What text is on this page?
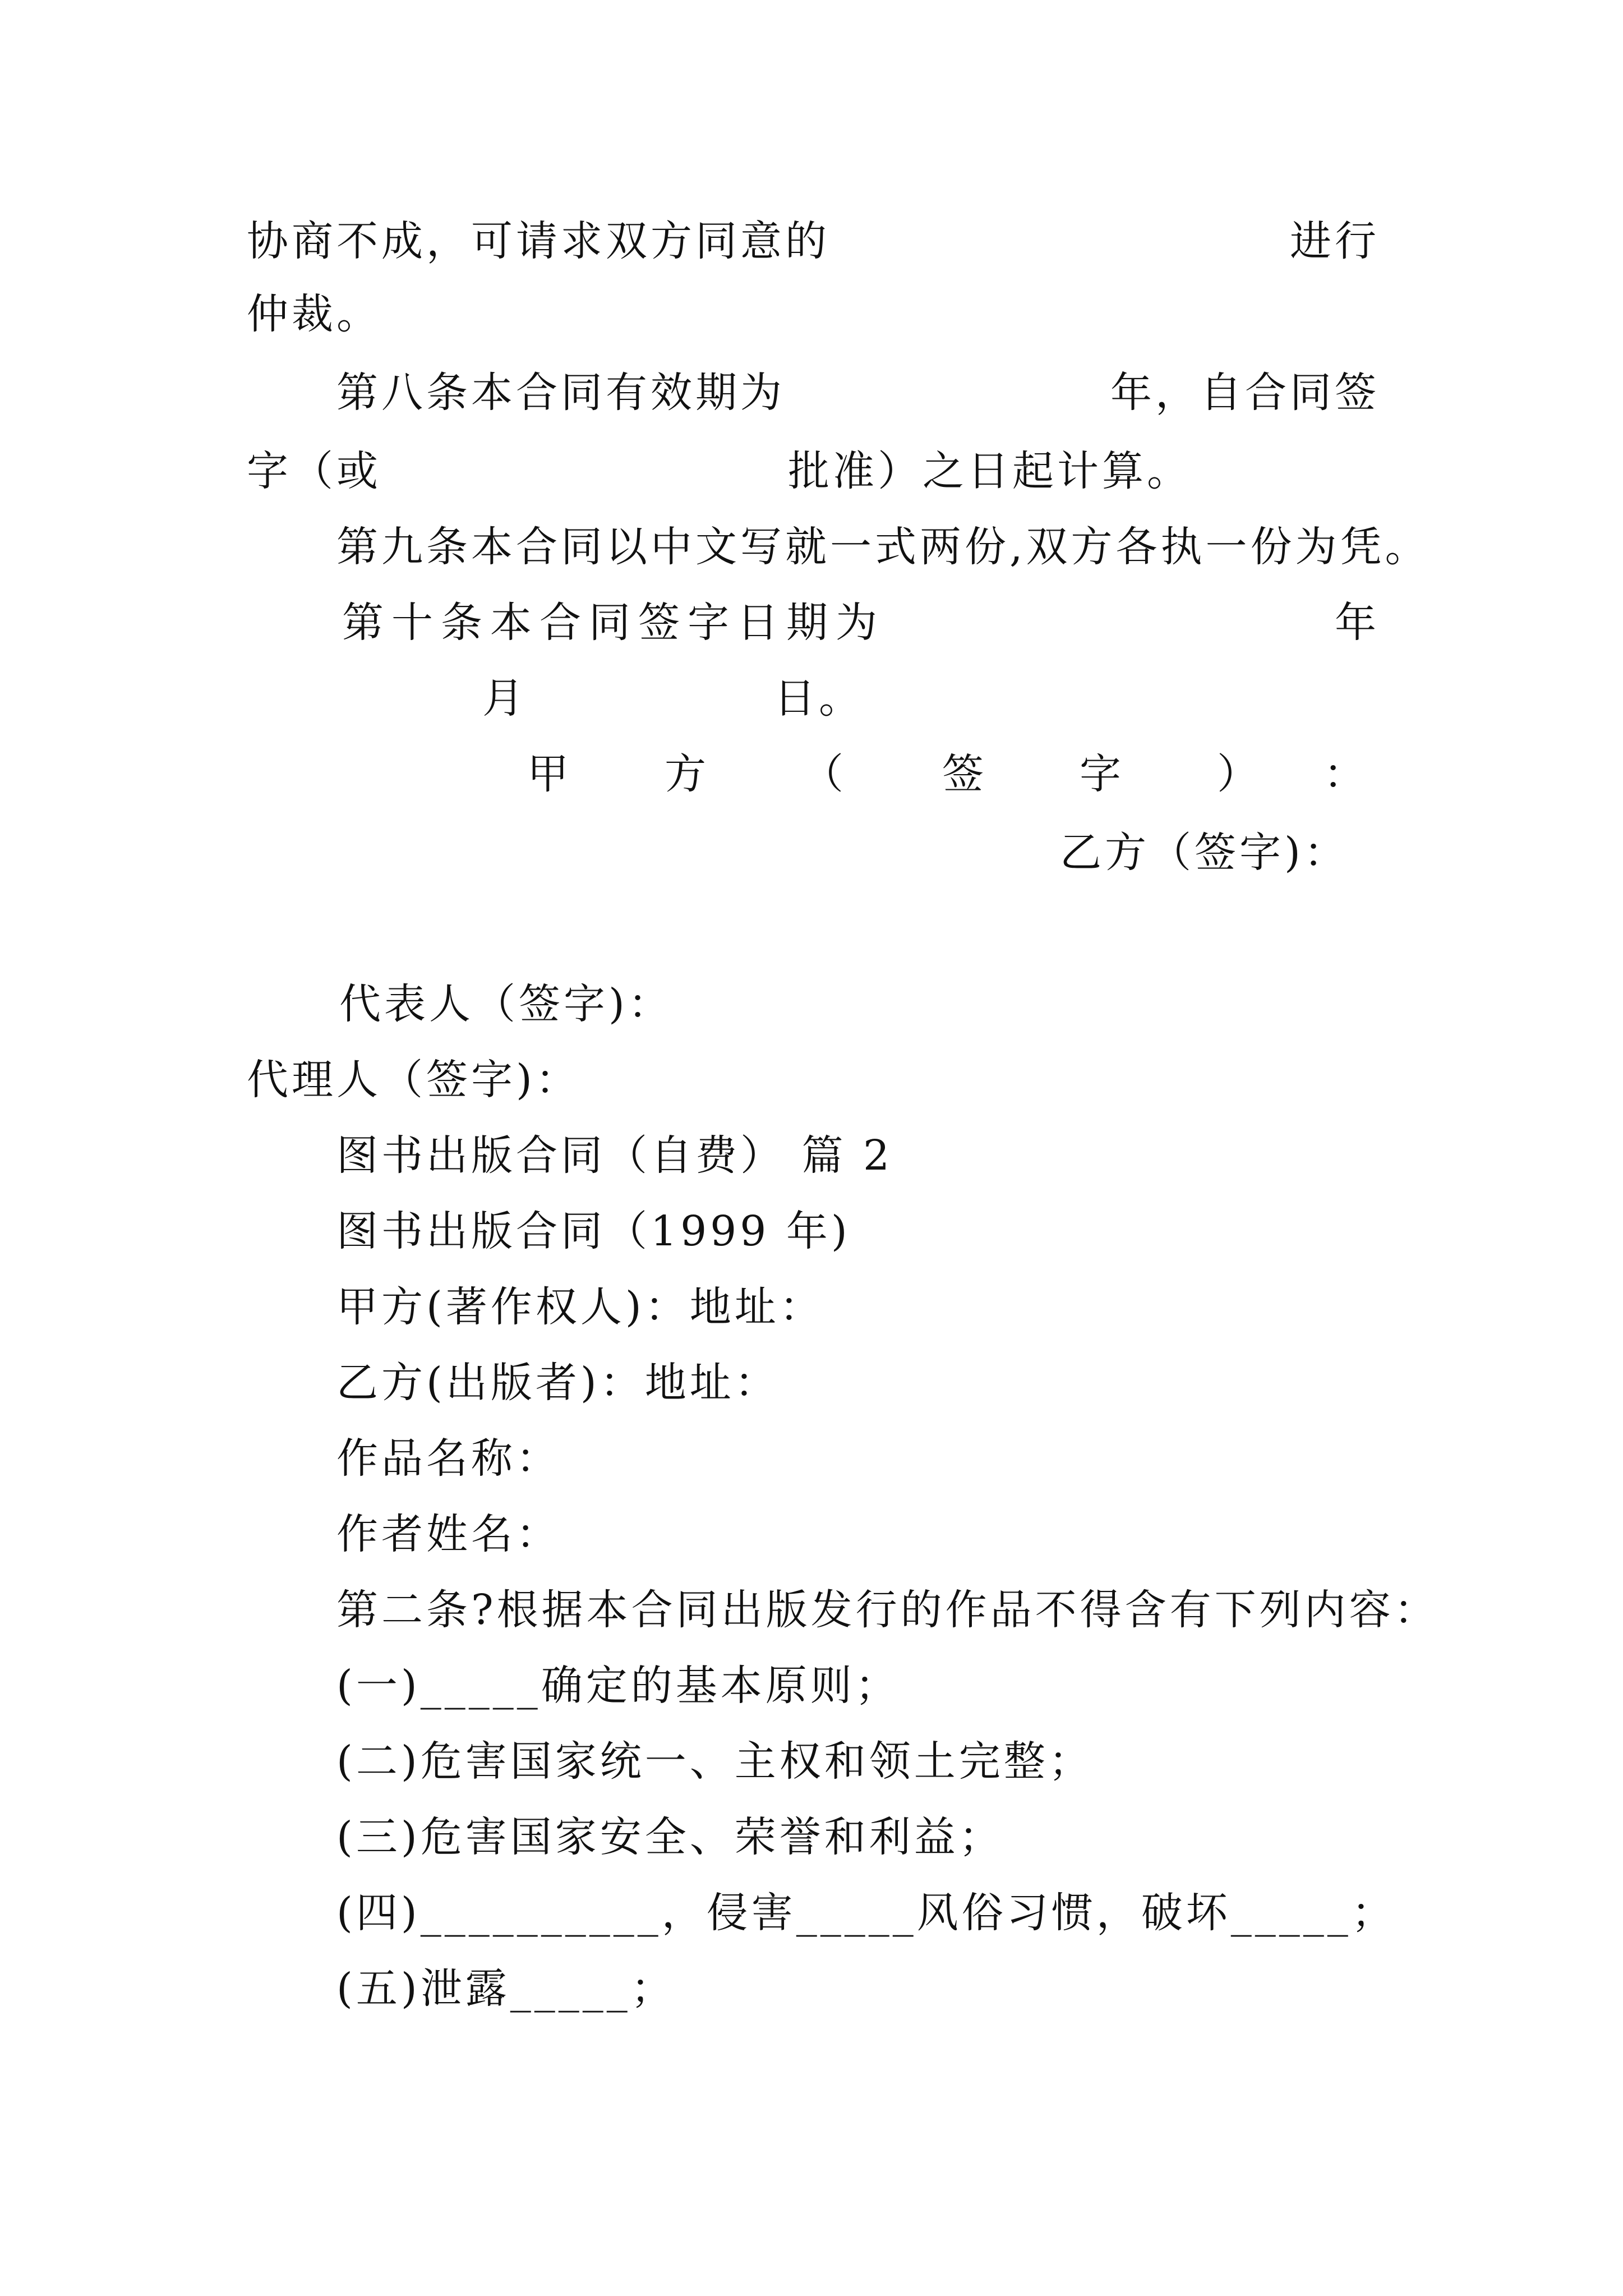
协商不成，可请求双方同意的	进行
仲裁。
第八条本合同有效期为	年，自合同签
字（或	批准）之日起计算。
第九条本合同以中文写就一式两份,双方各执一份为凭。
第十条本合同签字日期为	年
月	日。
甲 方 （ 签 字 ） ：
乙方（签字)：
代表人（签字)：
代理人（签字)：
图书出版合同（自费） 篇 2
图书出版合同（1999 年)
甲方(著作权人)：地址：
乙方(出版者)：地址：
作品名称：
作者姓名：
第二条?根据本合同出版发行的作品不得含有下列内容：
(一)_____确定的基本原则；
(二)危害国家统一、主权和领土完整；
(三)危害国家安全、荣誉和利益；
(四)__________，侵害_____风俗习惯，破坏_____；
(五)泄露_____；
